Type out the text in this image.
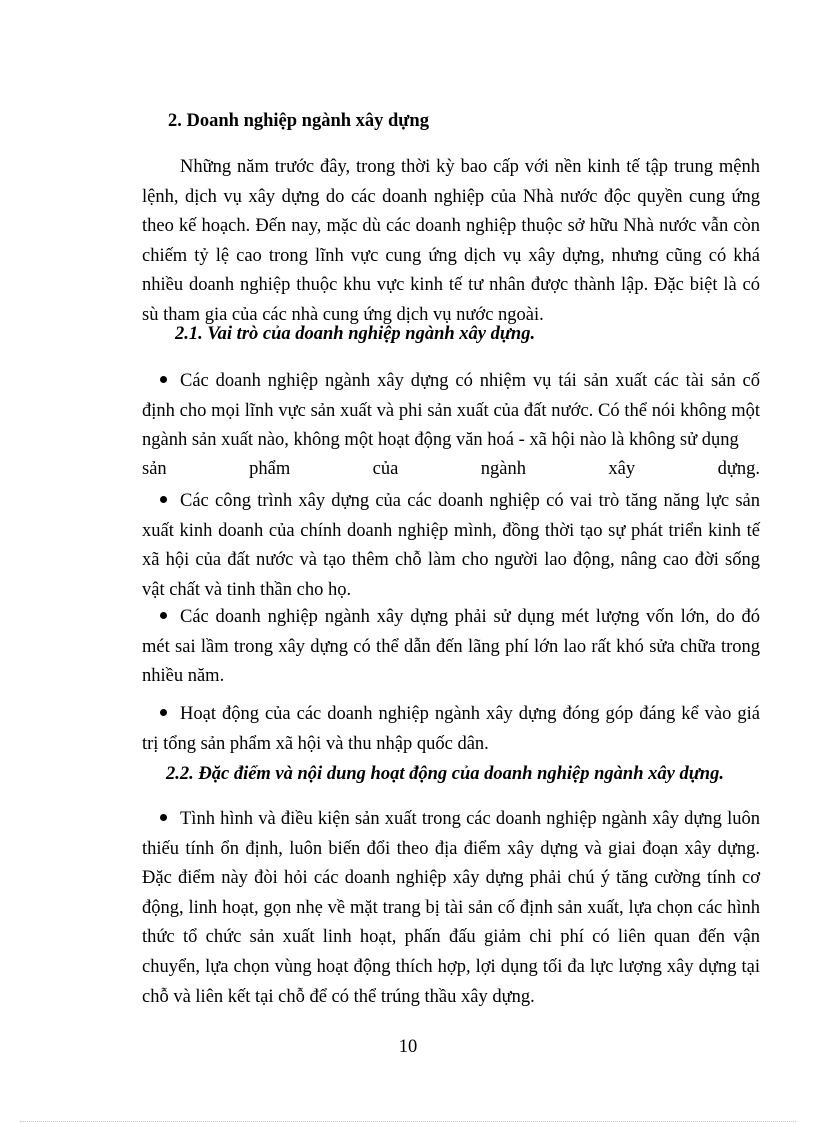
2. Doanh nghiệp ngành xây dựng

Những năm trước đây, trong thời kỳ bao cấp với nền kinh tế tập trung mệnh lệnh, dịch vụ xây dựng do các doanh nghiệp của Nhà nước độc quyền cung ứng theo kế hoạch. Đến nay, mặc dù các doanh nghiệp thuộc sở hữu Nhà nước vẫn còn chiếm tỷ lệ cao trong lĩnh vực cung ứng dịch vụ xây dựng, nhưng cũng có khá nhiều doanh nghiệp thuộc khu vực kinh tế tư nhân được thành lập. Đặc biệt là có sù tham gia của các nhà cung ứng dịch vụ nước ngoài.

2.1. Vai trò của doanh nghiệp ngành xây dựng.

Các doanh nghiệp ngành xây dựng có nhiệm vụ tái sản xuất các tài sản cố định cho mọi lĩnh vực sản xuất và phi sản xuất của đất nước. Có thể nói không một ngành sản xuất nào, không một hoạt động văn hoá - xã hội nào là không sử dụng

sản phẩm của ngành xây dựng.

Các công trình xây dựng của các doanh nghiệp có vai trò tăng năng lực sản xuất kinh doanh của chính doanh nghiệp mình, đồng thời tạo sự phát triển kinh tế xã hội của đất nước và tạo thêm chỗ làm cho người lao động, nâng cao đời sống vật chất và tinh thần cho họ.

Các doanh nghiệp ngành xây dựng phải sử dụng mét lượng vốn lớn, do đó mét sai lầm trong xây dựng có thể dẫn đến lãng phí lớn lao rất khó sửa chữa trong nhiều năm.

Hoạt động của các doanh nghiệp ngành xây dựng đóng góp đáng kể vào giá trị tổng sản phẩm xã hội và thu nhập quốc dân.

2.2. Đặc điểm và nội dung hoạt động của doanh nghiệp ngành xây dựng.

Tình hình và điều kiện sản xuất trong các doanh nghiệp ngành xây dựng luôn thiếu tính ổn định, luôn biến đổi theo địa điểm xây dựng và giai đoạn xây dựng. Đặc điểm này đòi hỏi các doanh nghiệp xây dựng phải chú ý tăng cường tính cơ động, linh hoạt, gọn nhẹ về mặt trang bị tài sản cố định sản xuất, lựa chọn các hình thức tổ chức sản xuất linh hoạt, phấn đấu giảm chi phí có liên quan đến vận chuyển, lựa chọn vùng hoạt động thích hợp, lợi dụng tối đa lực lượng xây dựng tại chỗ và liên kết tại chỗ để có thể trúng thầu xây dựng.

10
